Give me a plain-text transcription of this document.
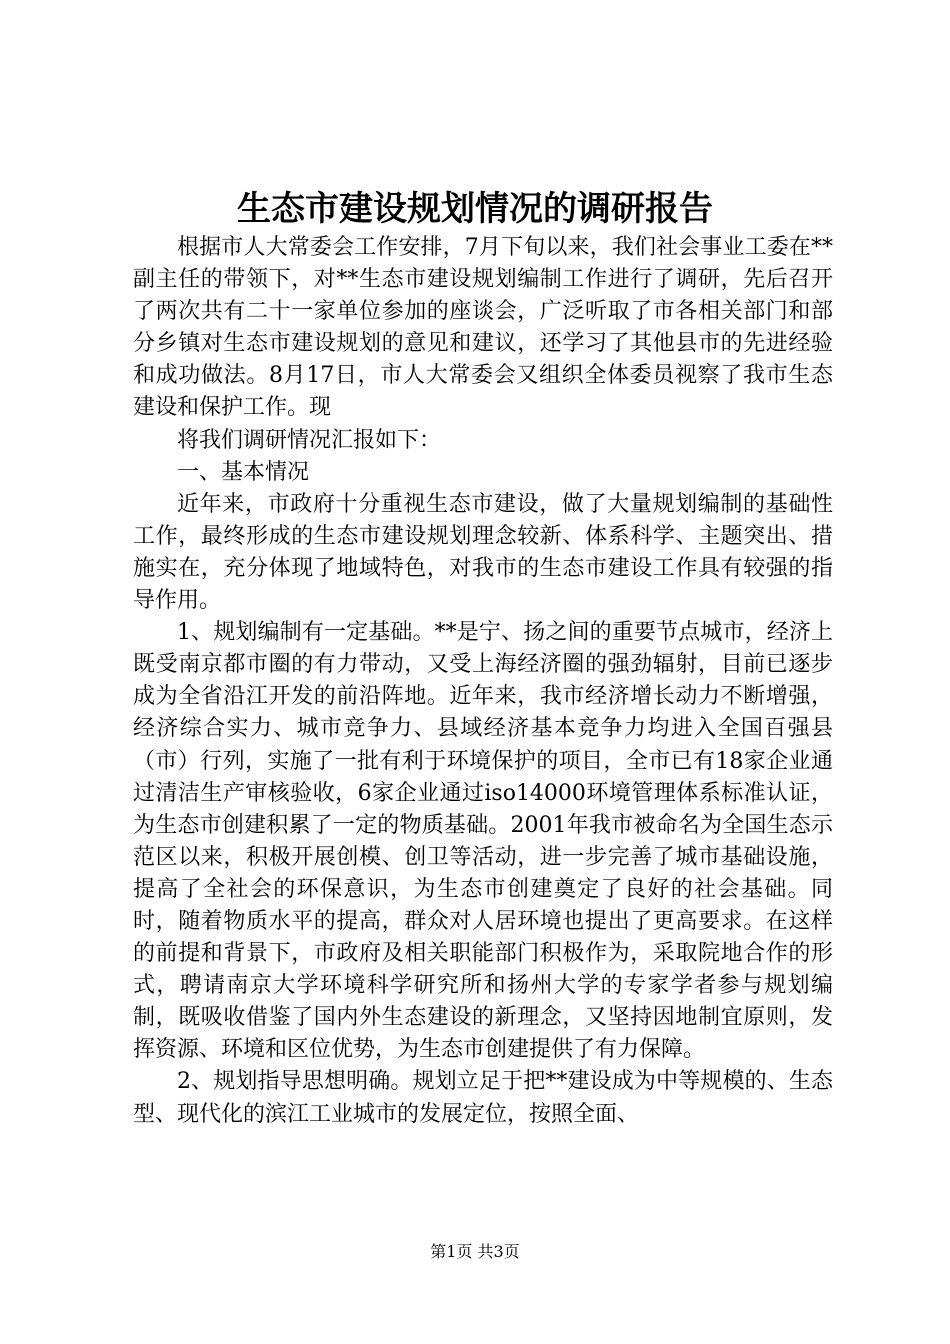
生态市建设规划情况的调研报告

根据市人大常委会工作安排，7月下旬以来，我们社会事业工委在**副主任的带领下，对**生态市建设规划编制工作进行了调研，先后召开了两次共有二十一家单位参加的座谈会，广泛听取了市各相关部门和部分乡镇对生态市建设规划的意见和建议，还学习了其他县市的先进经验和成功做法。8月17日，市人大常委会又组织全体委员视察了我市生态建设和保护工作。现

将我们调研情况汇报如下：

一、基本情况

近年来，市政府十分重视生态市建设，做了大量规划编制的基础性工作，最终形成的生态市建设规划理念较新、体系科学、主题突出、措施实在，充分体现了地域特色，对我市的生态市建设工作具有较强的指导作用。

1、规划编制有一定基础。**是宁、扬之间的重要节点城市，经济上既受南京都市圈的有力带动，又受上海经济圈的强劲辐射，目前已逐步成为全省沿江开发的前沿阵地。近年来，我市经济增长动力不断增强，经济综合实力、城市竞争力、县域经济基本竞争力均进入全国百强县（市）行列，实施了一批有利于环境保护的项目，全市已有18家企业通过清洁生产审核验收，6家企业通过iso14000环境管理体系标准认证，为生态市创建积累了一定的物质基础。2001年我市被命名为全国生态示范区以来，积极开展创模、创卫等活动，进一步完善了城市基础设施，提高了全社会的环保意识，为生态市创建奠定了良好的社会基础。同时，随着物质水平的提高，群众对人居环境也提出了更高要求。在这样的前提和背景下，市政府及相关职能部门积极作为，采取院地合作的形式，聘请南京大学环境科学研究所和扬州大学的专家学者参与规划编制，既吸收借鉴了国内外生态建设的新理念，又坚持因地制宜原则，发挥资源、环境和区位优势，为生态市创建提供了有力保障。

2、规划指导思想明确。规划立足于把**建设成为中等规模的、生态型、现代化的滨江工业城市的发展定位，按照全面、

第1页 共3页
